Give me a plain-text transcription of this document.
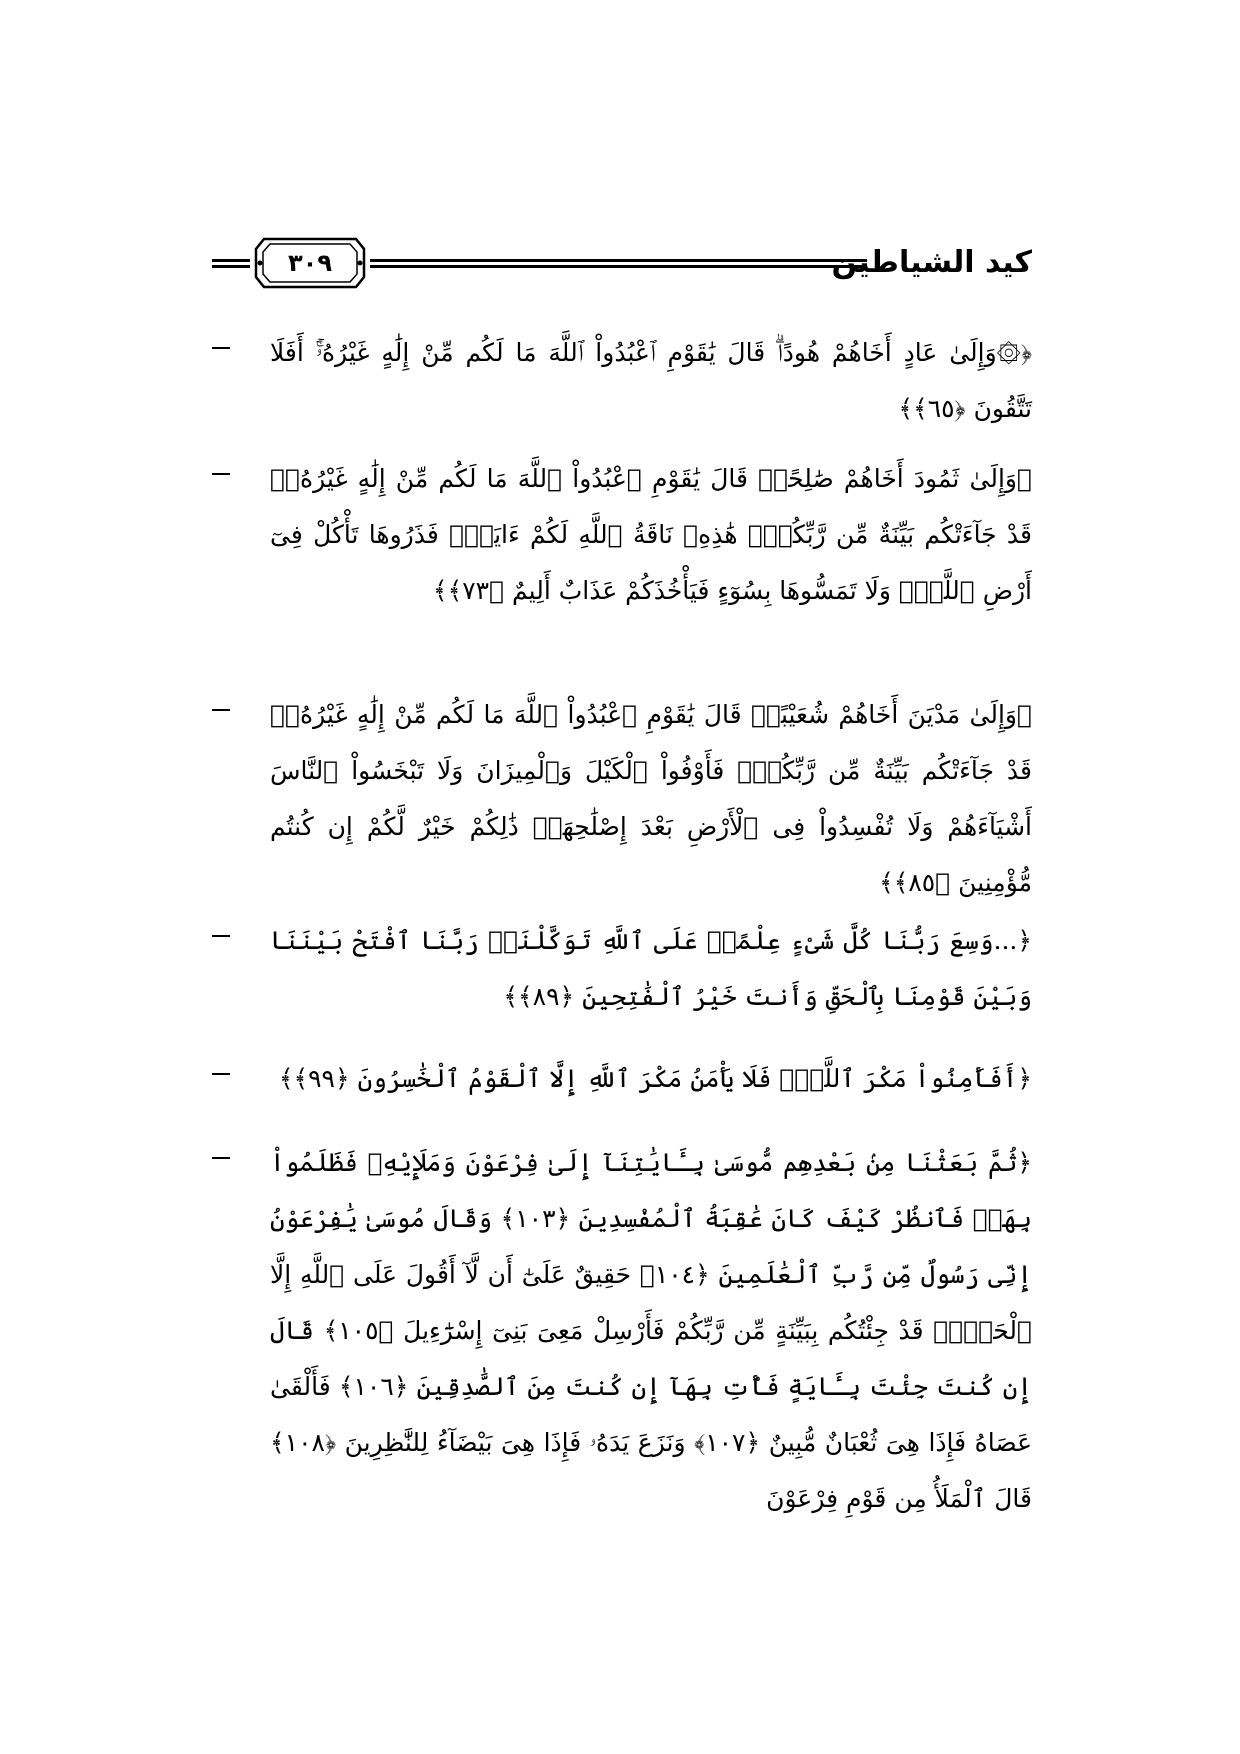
كيد الشياطين
٣٠٩
﴿۞وَإِلَىٰ عَادٍ أَخَاهُمْ هُودًاۗ قَالَ يَٰقَوْمِ ٱعْبُدُواْ ٱللَّهَ مَا لَكُم مِّنْ إِلَٰهٍ غَيْرُهُۥٓۚ أَفَلَا تَتَّقُونَ ﴿٦٥﴾﴾
﴿وَإِلَىٰ ثَمُودَ أَخَاهُمْ صَٰلِحًاۗ قَالَ يَٰقَوْمِ ٱعْبُدُواْ ٱللَّهَ مَا لَكُم مِّنْ إِلَٰهٍ غَيْرُهُۥۖ قَدْ جَآءَتْكُم بَيِّنَةٌ مِّن رَّبِّكُمْۖ هَٰذِهِۦ نَاقَةُ ٱللَّهِ لَكُمْ ءَايَةًۖ فَذَرُوهَا تَأْكُلْ فِىٓ أَرْضِ ٱللَّهِۖ وَلَا تَمَسُّوهَا بِسُوٓءٍ فَيَأْخُذَكُمْ عَذَابٌ أَلِيمٌ ﴿٧٣﴾﴾
﴿وَإِلَىٰ مَدْيَنَ أَخَاهُمْ شُعَيْبًاۗ قَالَ يَٰقَوْمِ ٱعْبُدُواْ ٱللَّهَ مَا لَكُم مِّنْ إِلَٰهٍ غَيْرُهُۥۖ قَدْ جَآءَتْكُم بَيِّنَةٌ مِّن رَّبِّكُمْۖ فَأَوْفُواْ ٱلْكَيْلَ وَٱلْمِيزَانَ وَلَا تَبْخَسُواْ ٱلنَّاسَ أَشْيَآءَهُمْ وَلَا تُفْسِدُواْ فِى ٱلْأَرْضِ بَعْدَ إِصْلَٰحِهَاۚ ذَٰلِكُمْ خَيْرٌ لَّكُمْ إِن كُنتُم مُّؤْمِنِينَ ﴿٨٥﴾﴾
﴿...وَسِعَ رَبُّنَا كُلَّ شَىْءٍ عِلْمًاۚ عَلَى ٱللَّهِ تَوَكَّلْنَاۚ رَبَّنَا ٱفْتَحْ بَيْنَنَا وَبَيْنَ قَوْمِنَا بِٱلْحَقِّ وَأَنتَ خَيْرُ ٱلْفَٰتِحِينَ ﴿٨٩﴾﴾
﴿أَفَأَمِنُواْ مَكْرَ ٱللَّهِۚ فَلَا يَأْمَنُ مَكْرَ ٱللَّهِ إِلَّا ٱلْقَوْمُ ٱلْخَٰسِرُونَ ﴿٩٩﴾﴾
﴿ثُمَّ بَعَثْنَا مِنۢ بَعْدِهِم مُّوسَىٰ بِـَٔايَٰتِنَآ إِلَىٰ فِرْعَوْنَ وَمَلَإِيْهِۦ فَظَلَمُواْ بِهَاۖ فَٱنظُرْ كَيْفَ كَانَ عَٰقِبَةُ ٱلْمُفْسِدِينَ ﴿١٠٣﴾ وَقَالَ مُوسَىٰ يَٰفِرْعَوْنُ إِنِّى رَسُولٌ مِّن رَّبِّ ٱلْعَٰلَمِينَ ﴿١٠٤﴾ حَقِيقٌ عَلَىٰٓ أَن لَّآ أَقُولَ عَلَى ٱللَّهِ إِلَّا ٱلْحَقَّۚ قَدْ جِئْتُكُم بِبَيِّنَةٍ مِّن رَّبِّكُمْ فَأَرْسِلْ مَعِىَ بَنِىٓ إِسْرَٰٓءِيلَ ﴿١٠٥﴾ قَالَ إِن كُنتَ جِئْتَ بِـَٔايَةٍ فَأْتِ بِهَآ إِن كُنتَ مِنَ ٱلصَّٰدِقِينَ ﴿١٠٦﴾ فَأَلْقَىٰ عَصَاهُ فَإِذَا هِىَ ثُعْبَانٌ مُّبِينٌ ﴿١٠٧﴾ وَنَزَعَ يَدَهُۥ فَإِذَا هِىَ بَيْضَآءُ لِلنَّٰظِرِينَ ﴿١٠٨﴾ قَالَ ٱلْمَلَأُ مِن قَوْمِ فِرْعَوْنَ
